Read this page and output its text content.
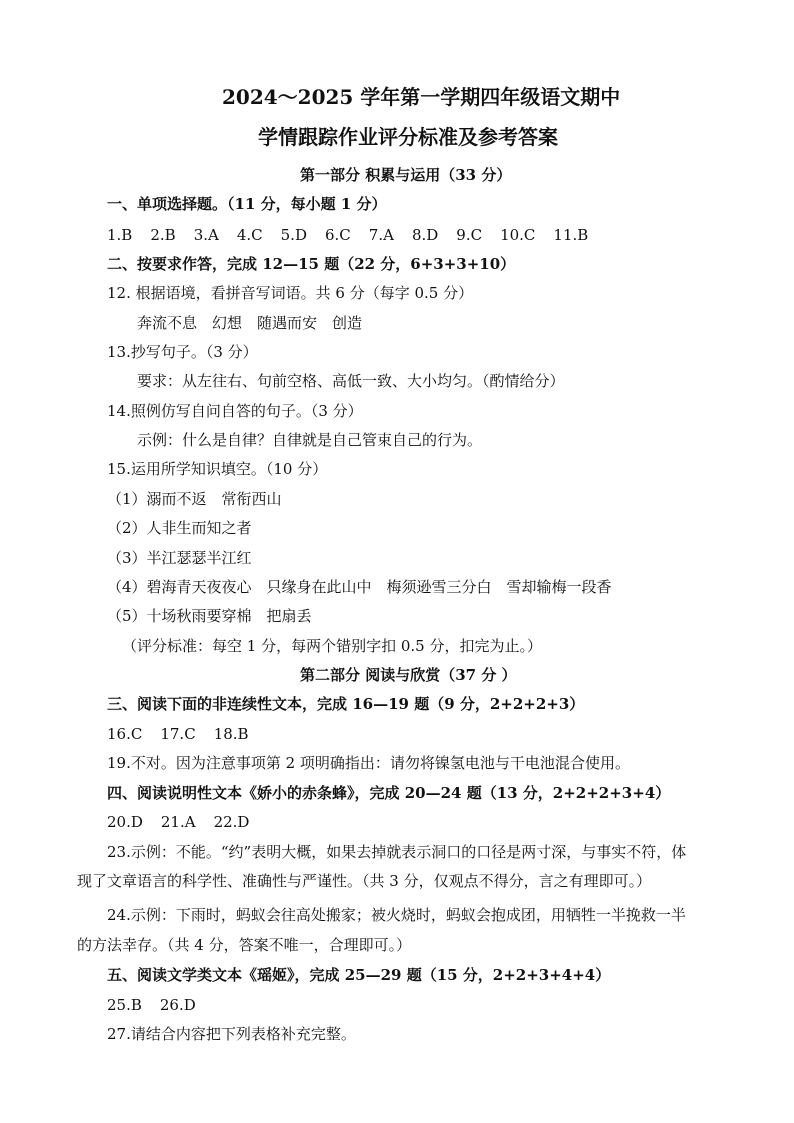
2024～2025 学年第一学期四年级语文期中
学情跟踪作业评分标准及参考答案
第一部分 积累与运用（33 分）
一、单项选择题。（11 分，每小题 1 分）
1.B 2.B 3.A 4.C 5.D 6.C 7.A 8.D 9.C 10.C 11.B
二、按要求作答，完成 12—15 题（22 分，6+3+3+10）
12. 根据语境，看拼音写词语。共 6 分（每字 0.5 分）
奔流不息　幻想　随遇而安　创造
13.抄写句子。（3 分）
要求：从左往右、句前空格、高低一致、大小均匀。（酌情给分）
14.照例仿写自问自答的句子。（3 分）
示例：什么是自律？自律就是自己管束自己的行为。
15.运用所学知识填空。（10 分）
（1）溺而不返　常衔西山
（2）人非生而知之者
（3）半江瑟瑟半江红
（4）碧海青天夜夜心　只缘身在此山中　梅须逊雪三分白　雪却输梅一段香
（5）十场秋雨要穿棉　把扇丢
（评分标准：每空 1 分，每两个错别字扣 0.5 分，扣完为止。）
第二部分 阅读与欣赏（37 分 ）
三、阅读下面的非连续性文本，完成 16—19 题（9 分，2+2+2+3）
16.C 17.C 18.B
19.不对。因为注意事项第 2 项明确指出：请勿将镍氢电池与干电池混合使用。
四、阅读说明性文本《娇小的赤条蜂》，完成 20—24 题（13 分，2+2+2+3+4）
20.D 21.A 22.D
23.示例：不能。“约”表明大概，如果去掉就表示洞口的口径是两寸深，与事实不符，体
现了文章语言的科学性、准确性与严谨性。（共 3 分，仅观点不得分，言之有理即可。）
24.示例：下雨时，蚂蚁会往高处搬家；被火烧时，蚂蚁会抱成团，用牺牲一半挽救一半
的方法幸存。（共 4 分，答案不唯一，合理即可。）
五、阅读文学类文本《瑶姬》，完成 25—29 题（15 分，2+2+3+4+4）
25.B 26.D
27.请结合内容把下列表格补充完整。
